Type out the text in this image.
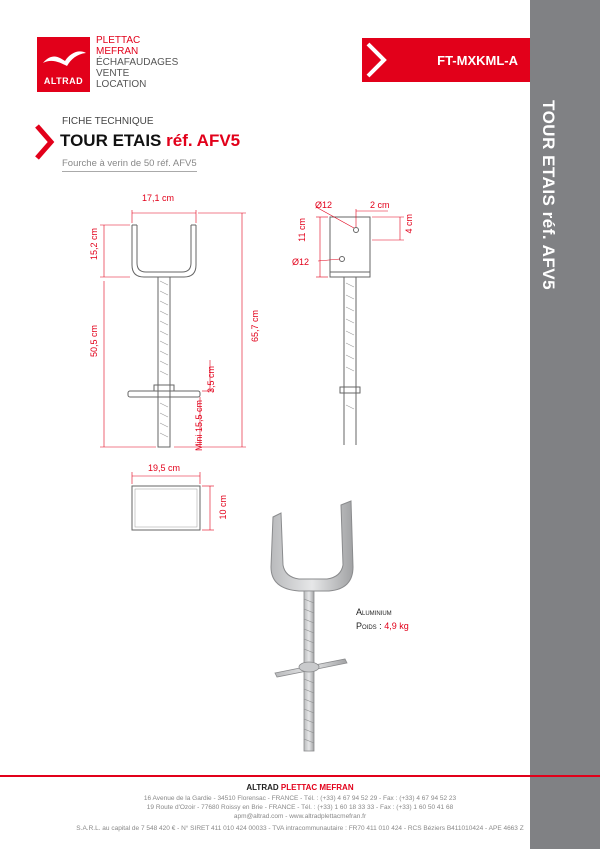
ALTRAD
PLETTAC
MEFRAN
ÉCHAFAUDAGES
VENTE
LOCATION
TOUR ETAIS réf. AFV5
FT-MXKML-A
FICHE TECHNIQUE
TOUR ETAIS réf. AFV5
Fourche à verin de 50 réf. AFV5
17,1 cm
15,2 cm
50,5 cm	65,7 cm
3,5 cm
Mini 15,5 cm
Ø12	2 cm
11 cm	4 cm
Ø12
19,5 cm
10 cm
Aluminium
Poids : 4,9 kg
ALTRAD PLETTAC MEFRAN
16 Avenue de la Gardie - 34510 Florensac - FRANCE - Tél. : (+33) 4 67 94 52 29 - Fax : (+33) 4 67 94 52 23
19 Route d'Ozoir - 77680 Roissy en Brie - FRANCE - Tél. : (+33) 1 60 18 33 33 - Fax : (+33) 1 60 50 41 68
apm@altrad.com - www.altradplettacmefran.fr
S.A.R.L. au capital de 7 548 420 € - N° SIRET 411 010 424 00033 - TVA intracommunautaire : FR70 411 010 424 - RCS Béziers B411010424 - APE 4663 Z
